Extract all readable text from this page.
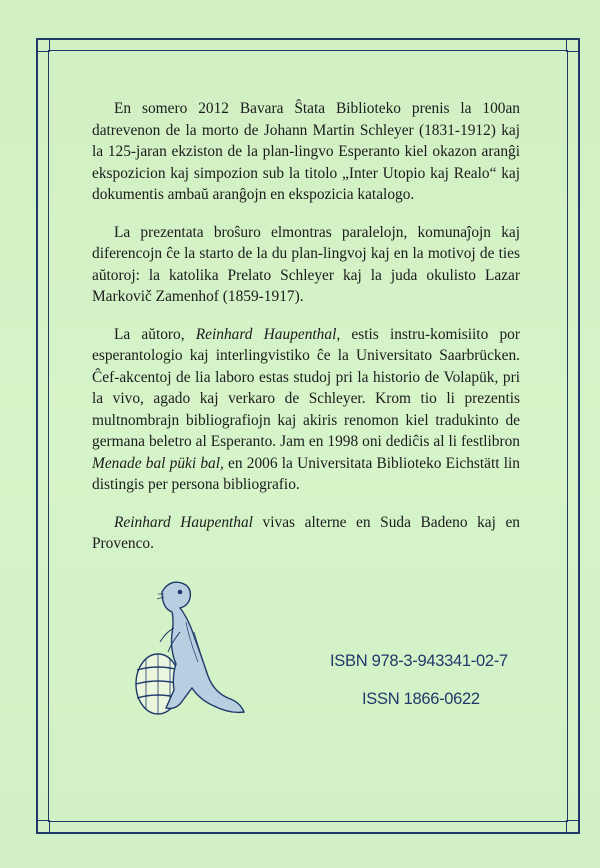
En somero 2012 Bavara Ŝtata Biblioteko prenis la 100an datrevenon de la morto de Johann Martin Schleyer (1831-1912) kaj la 125-jaran ekziston de la plan-lingvo Esperanto kiel okazon aranĝi ekspozicion kaj simpozion sub la titolo „Inter Utopio kaj Realo“ kaj dokumentis ambaŭ aranĝojn en ekspozicia katalogo.

La prezentata broŝuro elmontras paralelojn, komunaĵojn kaj diferencojn ĉe la starto de la du plan-lingvoj kaj en la motivoj de ties aŭtoroj: la katolika Prelato Schleyer kaj la juda okulisto Lazar Markovič Zamenhof (1859-1917).

La aŭtoro, Reinhard Haupenthal, estis instru-komisiito por esperantologio kaj interlingvistiko ĉe la Universitato Saarbrücken. Ĉef-akcentoj de lia laboro estas studoj pri la historio de Volapük, pri la vivo, agado kaj verkaro de Schleyer. Krom tio li prezentis multnombrajn bibliografiojn kaj akiris renomon kiel tradukinto de germana beletro al Esperanto. Jam en 1998 oni dediĉis al li festlibron Menade bal püki bal, en 2006 la Universitata Biblioteko Eichstätt lin distingis per persona bibliografio.

Reinhard Haupenthal vivas alterne en Suda Badeno kaj en Provenco.

ISBN 978-3-943341-02-7
ISSN 1866-0622
